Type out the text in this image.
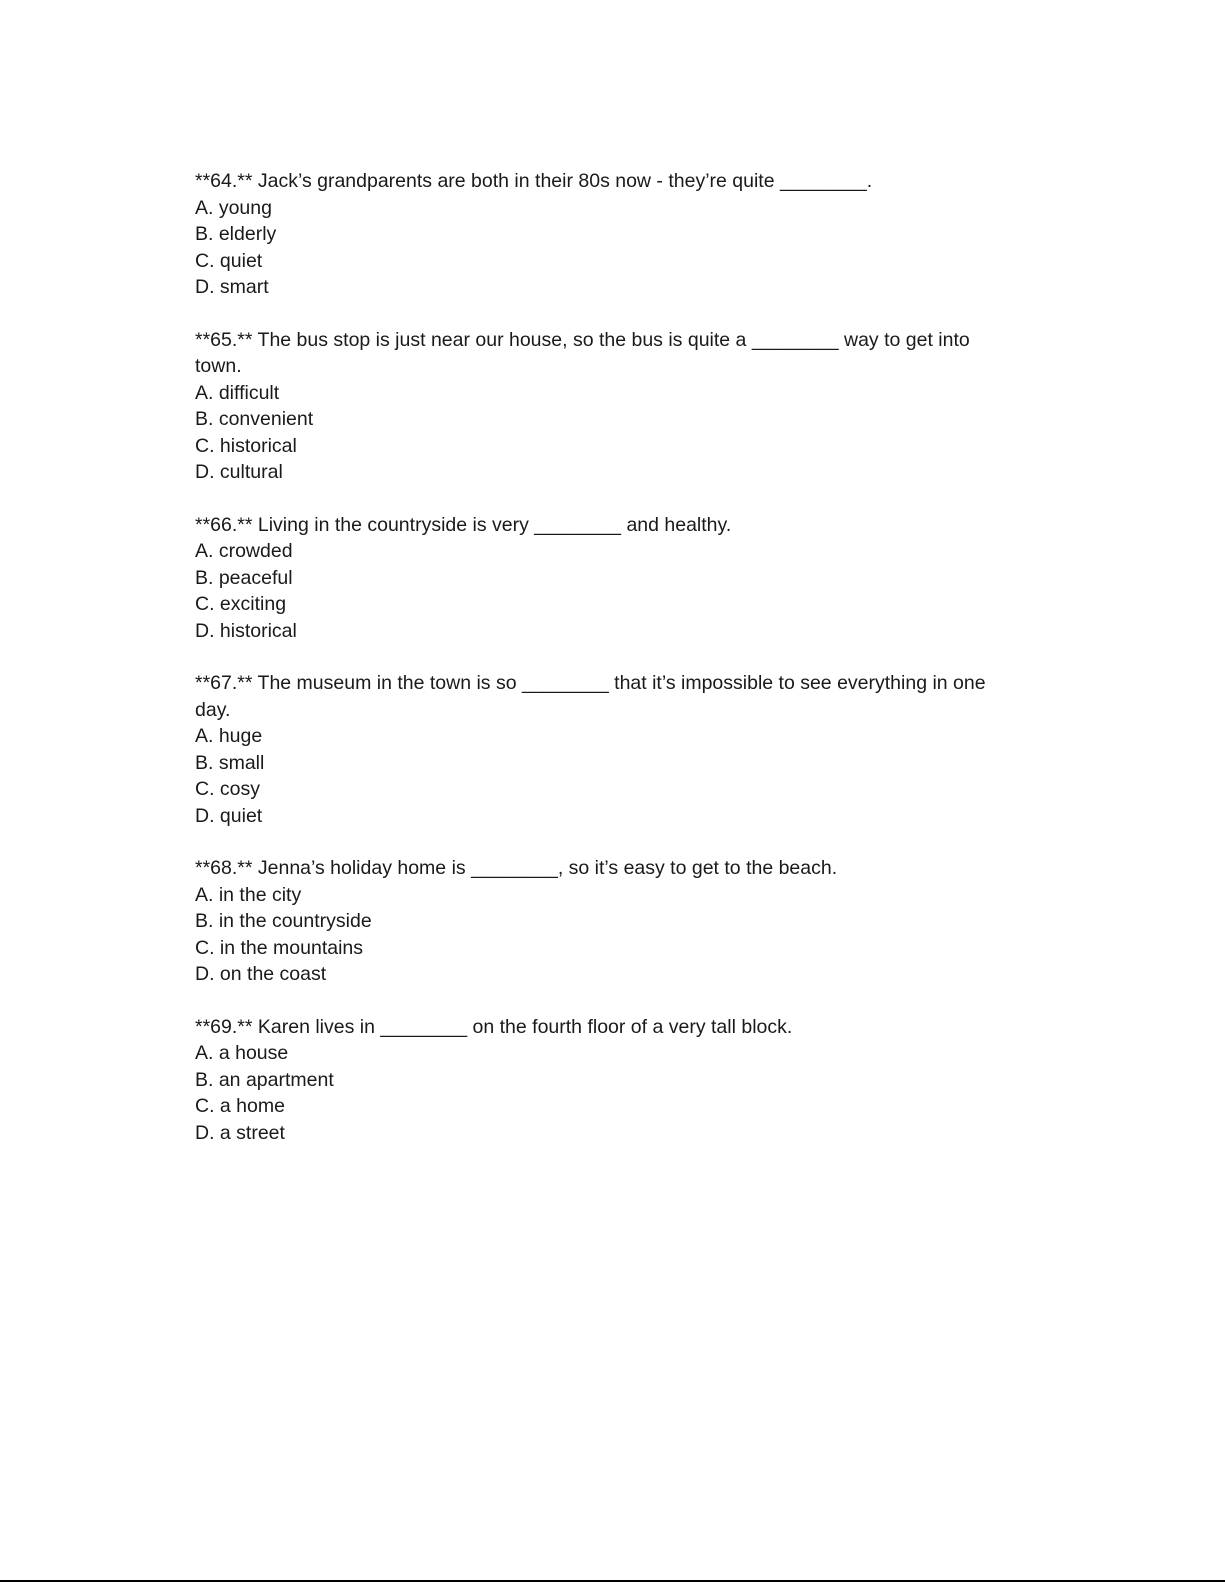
**64.** Jack’s grandparents are both in their 80s now - they’re quite ________.

A. young

B. elderly

C. quiet

D. smart

**65.** The bus stop is just near our house, so the bus is quite a ________ way to get into town.

A. difficult

B. convenient

C. historical

D. cultural

**66.** Living in the countryside is very ________ and healthy.

A. crowded

B. peaceful

C. exciting

D. historical

**67.** The museum in the town is so ________ that it’s impossible to see everything in one day.

A. huge

B. small

C. cosy

D. quiet

**68.** Jenna’s holiday home is ________, so it’s easy to get to the beach.

A. in the city

B. in the countryside

C. in the mountains

D. on the coast

**69.** Karen lives in ________ on the fourth floor of a very tall block.

A. a house

B. an apartment

C. a home

D. a street
